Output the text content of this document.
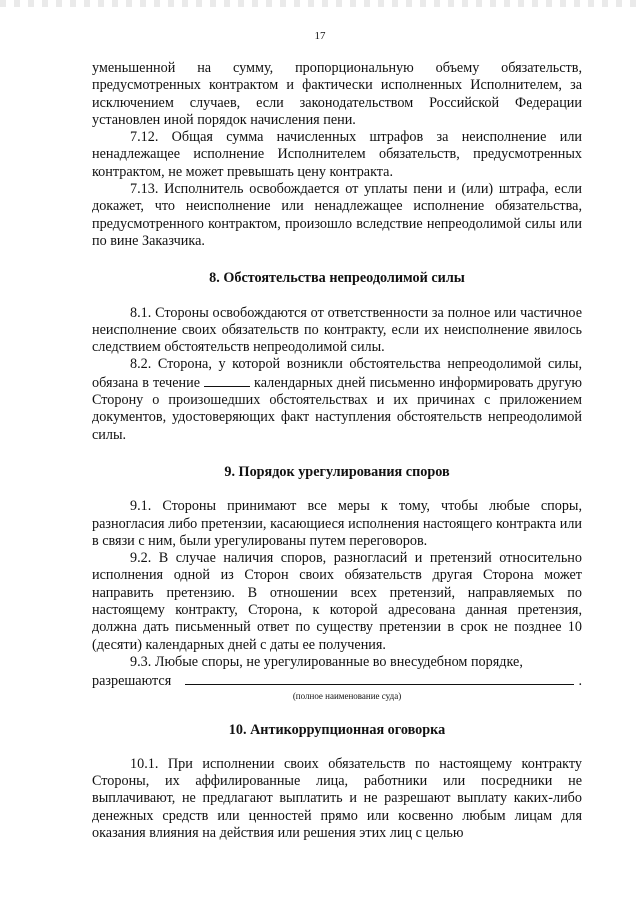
17

уменьшенной на сумму, пропорциональную объему обязательств, предусмотренных контрактом и фактически исполненных Исполнителем, за исключением случаев, если законодательством Российской Федерации установлен иной порядок начисления пени.

7.12. Общая сумма начисленных штрафов за неисполнение или ненадлежащее исполнение Исполнителем обязательств, предусмотренных контрактом, не может превышать цену контракта.

7.13. Исполнитель освобождается от уплаты пени и (или) штрафа, если докажет, что неисполнение или ненадлежащее исполнение обязательства, предусмотренного контрактом, произошло вследствие непреодолимой силы или по вине Заказчика.

8. Обстоятельства непреодолимой силы

8.1. Стороны освобождаются от ответственности за полное или частичное неисполнение своих обязательств по контракту, если их неисполнение явилось следствием обстоятельств непреодолимой силы.

8.2. Сторона, у которой возникли обстоятельства непреодолимой силы, обязана в течение	календарных дней письменно информировать другую Сторону о произошедших обстоятельствах и их причинах с приложением документов, удостоверяющих факт наступления обстоятельств непреодолимой силы.

9. Порядок урегулирования споров

9.1. Стороны принимают все меры к тому, чтобы любые споры, разногласия либо претензии, касающиеся исполнения настоящего контракта или в связи с ним, были урегулированы путем переговоров.

9.2. В случае наличия споров, разногласий и претензий относительно исполнения одной из Сторон своих обязательств другая Сторона может направить претензию. В отношении всех претензий, направляемых по настоящему контракту, Сторона, к которой адресована данная претензия, должна дать письменный ответ по существу претензии в срок не позднее 10 (десяти) календарных дней с даты ее получения.

9.3. Любые споры, не урегулированные во внесудебном порядке,

разрешаются	.
(полное наименование суда)
10. Антикоррупционная оговорка

10.1. При исполнении своих обязательств по настоящему контракту Стороны, их аффилированные лица, работники или посредники не выплачивают, не предлагают выплатить и не разрешают выплату каких-либо денежных средств или ценностей прямо или косвенно любым лицам для оказания влияния на действия или решения этих лиц с целью
